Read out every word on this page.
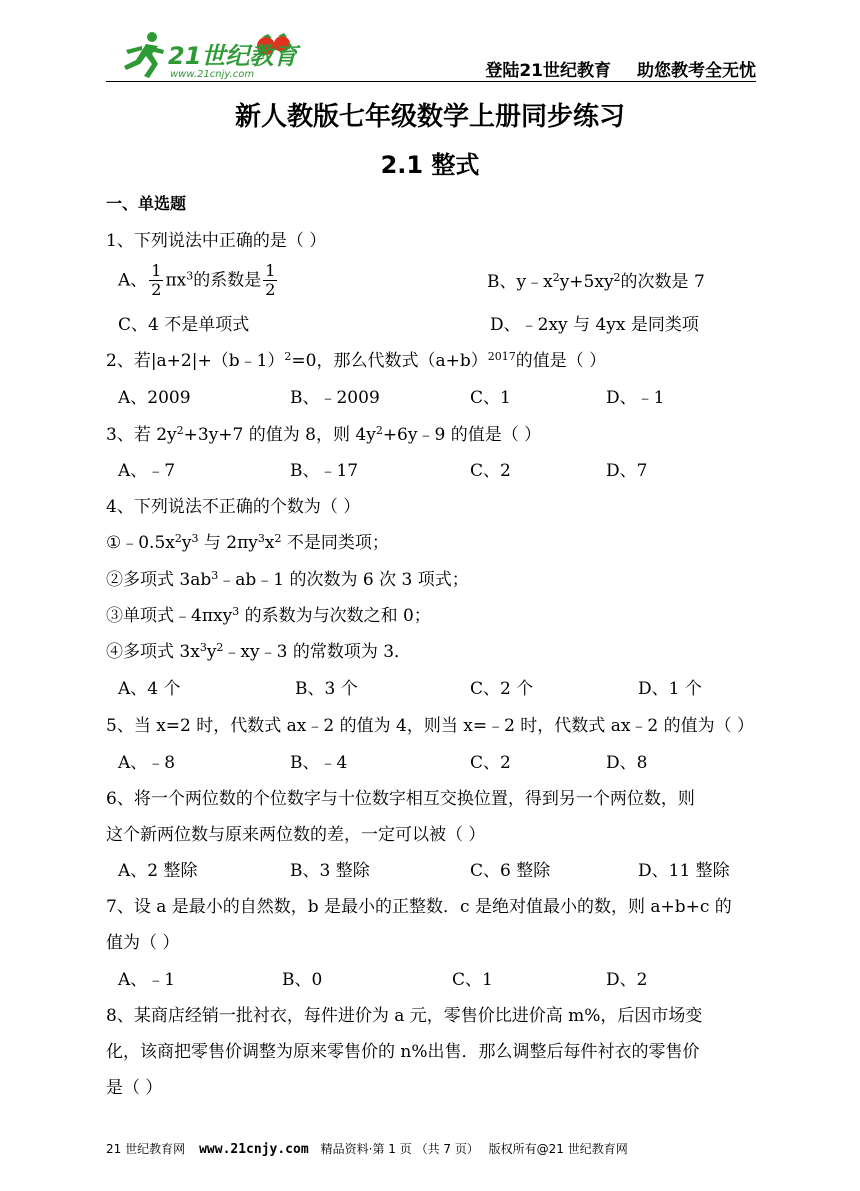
21世纪教育
www.21cnjy.com	登陆21世纪教育 助您教考全无忧
新人教版七年级数学上册同步练习
2.1 整式
一、单选题
1、下列说法中正确的是（ ）
A、 $\frac{1}{2} \pi x^3$的系数是 $\frac{1}{2}$	B、$y﹣x^2y+5xy^2$的次数是 7
C、4 不是单项式	D、﹣2xy 与 4yx 是同类项
2、若|a+2|+（b﹣1）$^2$=0，那么代数式$(a+b)^{2017}$的值是（ ）
A、2009	B、﹣2009	C、1	D、﹣1
3、若 $2y^2+3y+7$ 的值为 8，则 $4y^2+6y﹣9$ 的值是（ ）
A、﹣7	B、﹣17	C、2	D、7
4、下列说法不正确的个数为（ ）
$①﹣0.5x^2y^3$ 与 $2\pi y^3x^2$ 不是同类项；
②多项式 $3ab^3﹣ab﹣1$ 的次数为 6 次 3 项式；
③单项式﹣4πxy$^3$ 的系数为与次数之和 0；
④多项式 $3x^3y^2﹣xy﹣3$ 的常数项为 3．
A、4 个	B、3 个	C、2 个	D、1 个
5、当 x=2 时，代数式 ax﹣2 的值为 4，则当 x=﹣2 时，代数式 ax﹣2 的值为（ ）
A、﹣8	B、﹣4	C、2	D、8
6、将一个两位数的个位数字与十位数字相互交换位置，得到另一个两位数，则
这个新两位数与原来两位数的差，一定可以被（ ）
A、2 整除	B、3 整除	C、6 整除	D、11 整除
7、设 a 是最小的自然数，b 是最小的正整数．c 是绝对值最小的数，则 a+b+c 的
值为（ ）
A、﹣1	B、0	C、1	D、2
8、某商店经销一批衬衣，每件进价为 a 元，零售价比进价高 m%，后因市场变
化，该商把零售价调整为原来零售价的 n%出售．那么调整后每件衬衣的零售价
是（ ）
21 世纪教育网 www.21cnjy.com 精品资料·第 1 页 （共 7 页） 版权所有@21 世纪教育网
